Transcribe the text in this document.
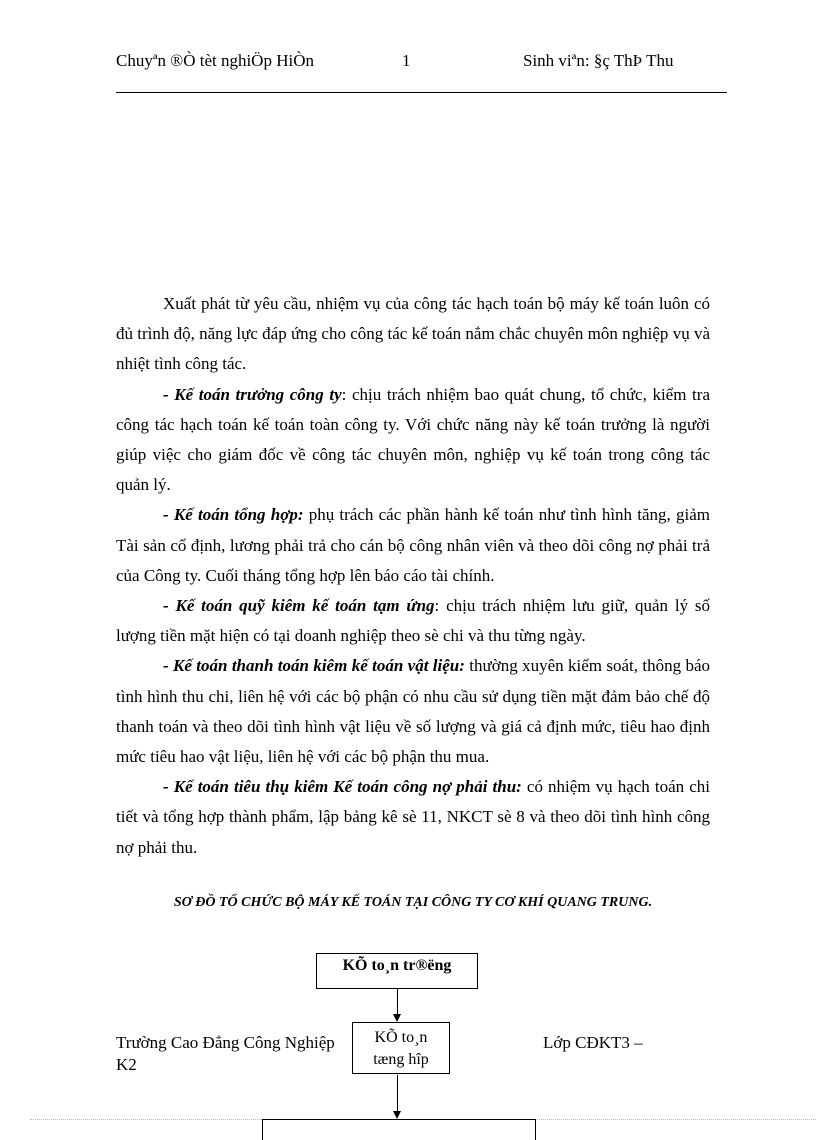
Chuyªn ®Ò tèt nghiÖp HiÒn	1	Sinh viªn: §ç ThÞ Thu

Xuất phát từ yêu cầu, nhiệm vụ của công tác hạch toán bộ máy kế toán luôn có đủ trình độ, năng lực đáp ứng cho công tác kế toán nắm chắc chuyên môn nghiệp vụ và nhiệt tình công tác.

- Kế toán trưởng công ty: chịu trách nhiệm bao quát chung, tổ chức, kiểm tra công tác hạch toán kế toán toàn công ty. Với chức năng này kế toán trưởng là người giúp việc cho giám đốc về công tác chuyên môn, nghiệp vụ kế toán trong công tác quản lý.

- Kế toán tổng hợp: phụ trách các phần hành kế toán như tình hình tăng, giảm Tài sản cố định, lương phải trả cho cán bộ công nhân viên và theo dõi công nợ phải trả của Công ty. Cuối tháng tổng hợp lên báo cáo tài chính.

- Kế toán quỹ kiêm kế toán tạm ứng: chịu trách nhiệm lưu giữ, quản lý số lượng tiền mặt hiện có tại doanh nghiệp theo sè chi và thu từng ngày.

- Kế toán thanh toán kiêm kế toán vật liệu: thường xuyên kiểm soát, thông báo tình hình thu chi, liên hệ với các bộ phận có nhu cầu sử dụng tiền mặt đảm bảo chế độ thanh toán và theo dõi tình hình vật liệu về số lượng và giá cả định mức, tiêu hao định mức tiêu hao vật liệu, liên hệ với các bộ phận thu mua.

- Kế toán tiêu thụ kiêm Kế toán công nợ phải thu: có nhiệm vụ hạch toán chi tiết và tổng hợp thành phẩm, lập bảng kê sè 11, NKCT sè 8 và theo dõi tình hình công nợ phải thu.

SƠ ĐỒ TỔ CHỨC BỘ MÁY KẾ TOÁN TẠI CÔNG TY CƠ KHÍ QUANG TRUNG.
KÕ to¸n tr®ëng
Trường Cao Đẳng Công Nghiệp
K2
Lớp CĐKT3 –
KÕ to¸n
tæng hîp
